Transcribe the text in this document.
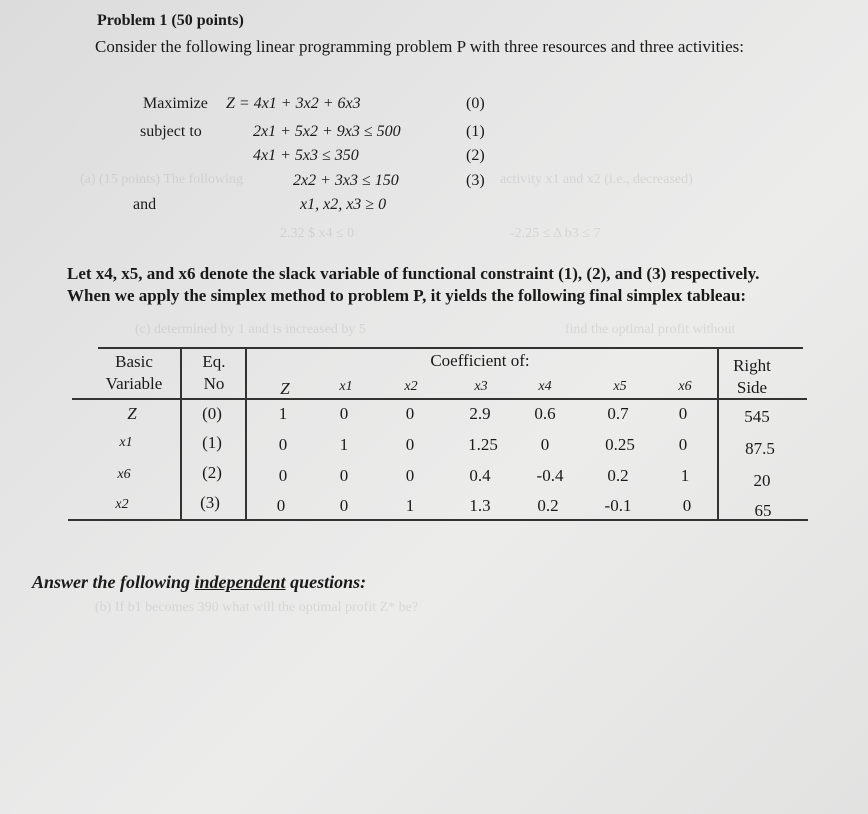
(a) (15 points) The following	activity x1 and x2 (i.e., decreased)
2.32 $ x4 ≤ 0	-2.25 ≤ Δ b3 ≤ 7
(c) determined by 1 and is increased by 5	find the optimal profit without
(b) If b1 becomes 390 what will the optimal profit Z* be?
Problem 1 (50 points)
Consider the following linear programming problem P with three resources and three activities:
Maximize Z = 4x1 + 3x2 + 6x3
subject to	2x1 + 5x2 + 9x3 ≤ 500
4x1 + 5x3 ≤ 350
2x2 + 3x3 ≤ 150
and	x1, x2, x3 ≥ 0
(0)
(1)
(2)
(3)
Let x4, x5, and x6 denote the slack variable of functional constraint (1), (2), and (3) respectively.
When we apply the simplex method to problem P, it yields the following final simplex tableau:
Basic
Variable
Eq.
No
Coefficient of:	Right
Side
Z	x1	x2	x3	x4	x5	x6
Z	(0)	1	0	0	2.9	0.6	0.7	0	545
x1	(1)	0	1	0	1.25	0	0.25	0	87.5
x6	(2)	0	0	0	0.4	-0.4	0.2	1	20
x2	(3)	0	0	1	1.3	0.2	-0.1	0	65
Answer the following independent questions:
